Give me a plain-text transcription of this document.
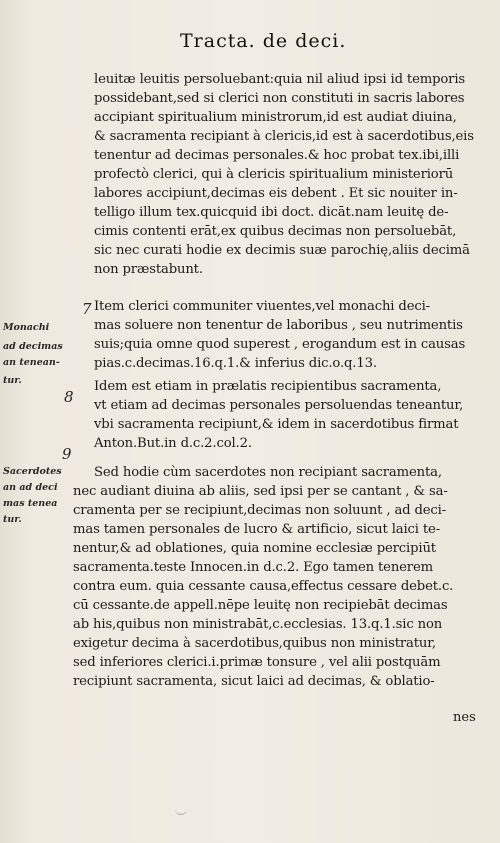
Tracta. de deci.
leuitæ leuitis persoluebant:quia nil aliud ipsi id temporis
possidebant,sed si clerici non constituti in sacris labores
accipiant spiritualium ministrorum,id est audiat diuina,
& sacramenta recipiant à clericis,id est à sacerdotibus,eis
tenentur ad decimas personales.& hoc probat tex.ibi,illi
profectò clerici, qui à clericis spiritualium ministeriorū
labores accipiunt,decimas eis debent . Et sic nouiter in-
telligo illum tex.quicquid ibi doct. dicāt.nam leuitę de-
cimis contenti erāt,ex quibus decimas non persoluebāt,
sic nec curati hodie ex decimis suæ parochię,aliis decimā
non præstabunt.
Item clerici communiter viuentes,vel monachi deci-
mas soluere non tenentur de laboribus , seu nutrimentis
suis;quia omne quod superest , erogandum est in causas
pias.c.decimas.16.q.1.& inferius dic.o.q.13.
Idem est etiam in prælatis recipientibus sacramenta,
vt etiam ad decimas personales persoluendas teneantur,
vbi sacramenta recipiunt,& idem in sacerdotibus firmat
Anton.But.in d.c.2.col.2.
Sed hodie cùm sacerdotes non recipiant sacramenta,
nec audiant diuina ab aliis, sed ipsi per se cantant , & sa-
cramenta per se recipiunt,decimas non soluunt , ad deci-
mas tamen personales de lucro & artificio, sicut laici te-
nentur,& ad oblationes, quia nomine ecclesiæ percipiūt
sacramenta.teste Innocen.in d.c.2. Ego tamen tenerem
contra eum. quia cessante causa,effectus cessare debet.c.
cū cessante.de appell.nēpe leuitę non recipiebāt decimas
ab his,quibus non ministrabāt,c.ecclesias. 13.q.1.sic non
exigetur decima à sacerdotibus,quibus non ministratur,
sed inferiores clerici.i.primæ tonsure , vel alii postquām
recipiunt sacramenta, sicut laici ad decimas, & oblatio-
nes
Monachi
ad decimas
an tenean-
tur.
Sacerdotes
an ad deci
mas tenea
tur.
7
8
9
